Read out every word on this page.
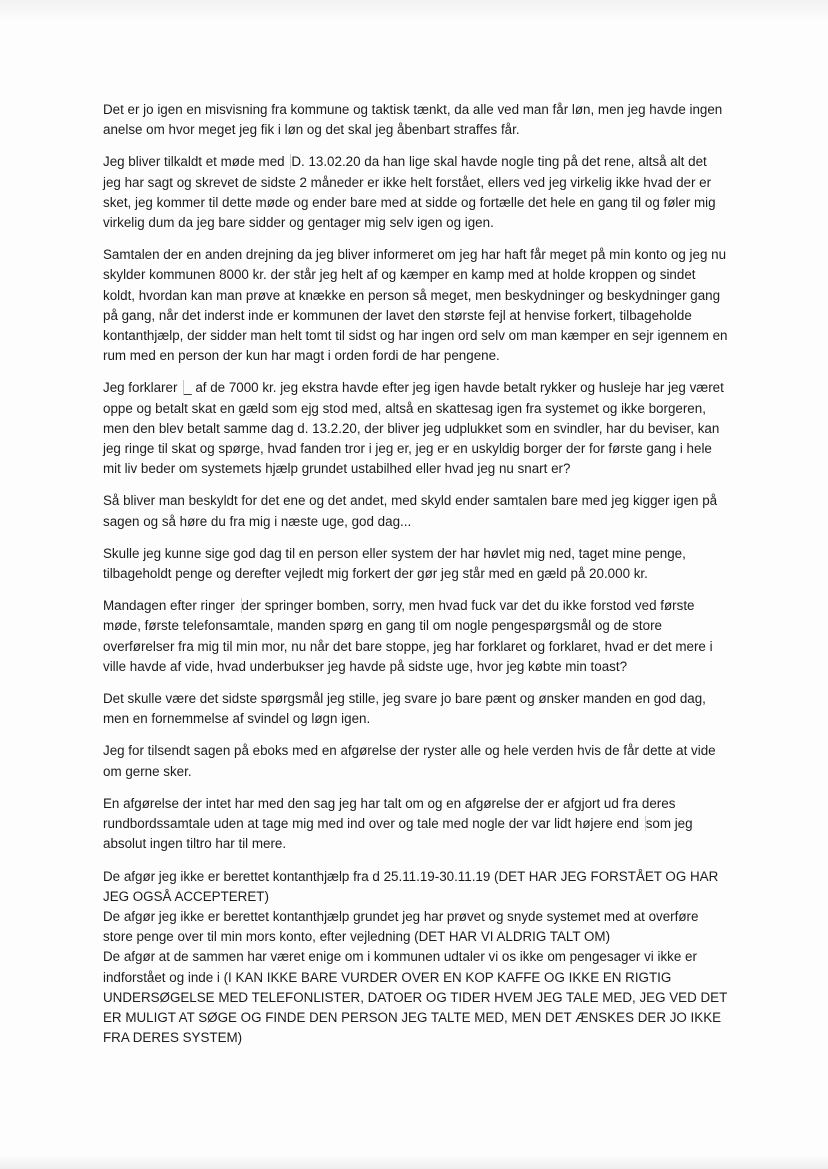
Det er jo igen en misvisning fra kommune og taktisk tænkt, da alle ved man får løn, men jeg havde ingen anelse om hvor meget jeg fik i løn og det skal jeg åbenbart straffes får.

Jeg bliver tilkaldt et møde med D. 13.02.20 da han lige skal havde nogle ting på det rene, altså alt det jeg har sagt og skrevet de sidste 2 måneder er ikke helt forstået, ellers ved jeg virkelig ikke hvad der er sket, jeg kommer til dette møde og ender bare med at sidde og fortælle det hele en gang til og føler mig virkelig dum da jeg bare sidder og gentager mig selv igen og igen.

Samtalen der en anden drejning da jeg bliver informeret om jeg har haft får meget på min konto og jeg nu skylder kommunen 8000 kr. der står jeg helt af og kæmper en kamp med at holde kroppen og sindet koldt, hvordan kan man prøve at knække en person så meget, men beskydninger og beskydninger gang på gang, når det inderst inde er kommunen der lavet den største fejl at henvise forkert, tilbageholde kontanthjælp, der sidder man helt tomt til sidst og har ingen ord selv om man kæmper en sejr igennem en rum med en person der kun har magt i orden fordi de har pengene.

Jeg forklarer _ af de 7000 kr. jeg ekstra havde efter jeg igen havde betalt rykker og husleje har jeg været oppe og betalt skat en gæld som ejg stod med, altså en skattesag igen fra systemet og ikke borgeren, men den blev betalt samme dag d. 13.2.20, der bliver jeg udplukket som en svindler, har du beviser, kan jeg ringe til skat og spørge, hvad fanden tror i jeg er, jeg er en uskyldig borger der for første gang i hele mit liv beder om systemets hjælp grundet ustabilhed eller hvad jeg nu snart er?

Så bliver man beskyldt for det ene og det andet, med skyld ender samtalen bare med jeg kigger igen på sagen og så høre du fra mig i næste uge, god dag...

Skulle jeg kunne sige god dag til en person eller system der har høvlet mig ned, taget mine penge, tilbageholdt penge og derefter vejledt mig forkert der gør jeg står med en gæld på 20.000 kr.

Mandagen efter ringer der springer bomben, sorry, men hvad fuck var det du ikke forstod ved første møde, første telefonsamtale, manden spørg en gang til om nogle pengespørgsmål og de store overførelser fra mig til min mor, nu når det bare stoppe, jeg har forklaret og forklaret, hvad er det mere i ville havde af vide, hvad underbukser jeg havde på sidste uge, hvor jeg købte min toast?

Det skulle være det sidste spørgsmål jeg stille, jeg svare jo bare pænt og ønsker manden en god dag, men en fornemmelse af svindel og løgn igen.

Jeg for tilsendt sagen på eboks med en afgørelse der ryster alle og hele verden hvis de får dette at vide om gerne sker.

En afgørelse der intet har med den sag jeg har talt om og en afgørelse der er afgjort ud fra deres rundbordssamtale uden at tage mig med ind over og tale med nogle der var lidt højere end som jeg absolut ingen tiltro har til mere.

De afgør jeg ikke er berettet kontanthjælp fra d 25.11.19-30.11.19 (DET HAR JEG FORSTÅET OG HAR JEG OGSÅ ACCEPTERET)

De afgør jeg ikke er berettet kontanthjælp grundet jeg har prøvet og snyde systemet med at overføre store penge over til min mors konto, efter vejledning (DET HAR VI ALDRIG TALT OM)

De afgør at de sammen har været enige om i kommunen udtaler vi os ikke om pengesager vi ikke er indforstået og inde i (I KAN IKKE BARE VURDER OVER EN KOP KAFFE OG IKKE EN RIGTIG UNDERSØGELSE MED TELEFONLISTER, DATOER OG TIDER HVEM JEG TALE MED, JEG VED DET ER MULIGT AT SØGE OG FINDE DEN PERSON JEG TALTE MED, MEN DET ÆNSKES DER JO IKKE FRA DERES SYSTEM)
